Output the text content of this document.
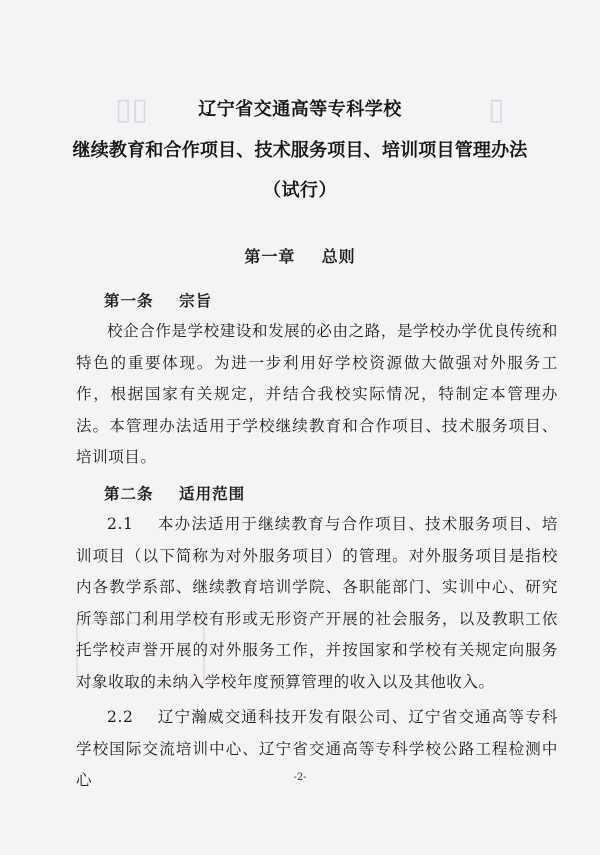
▯▯	▯
辽宁省交通高等专科学校
继续教育和合作项目、技术服务项目、培训项目管理办法
（试行）
第一章    总则
第一条    宗旨
校企合作是学校建设和发展的必由之路，是学校办学优良传统和特色的重要体现。为进一步利用好学校资源做大做强对外服务工作，根据国家有关规定，并结合我校实际情况，特制定本管理办法。本管理办法适用于学校继续教育和合作项目、技术服务项目、培训项目。
第二条    适用范围
2.1    本办法适用于继续教育与合作项目、技术服务项目、培训项目（以下简称为对外服务项目）的管理。对外服务项目是指校内各教学系部、继续教育培训学院、各职能部门、实训中心、研究所等部门利用学校有形或无形资产开展的社会服务，以及教职工依托学校声誉开展的对外服务工作，并按国家和学校有关规定向服务对象收取的未纳入学校年度预算管理的收入以及其他收入。
2.2    辽宁瀚威交通科技开发有限公司、辽宁省交通高等专科学校国际交流培训中心、辽宁省交通高等专科学校公路工程检测中心	-2-
